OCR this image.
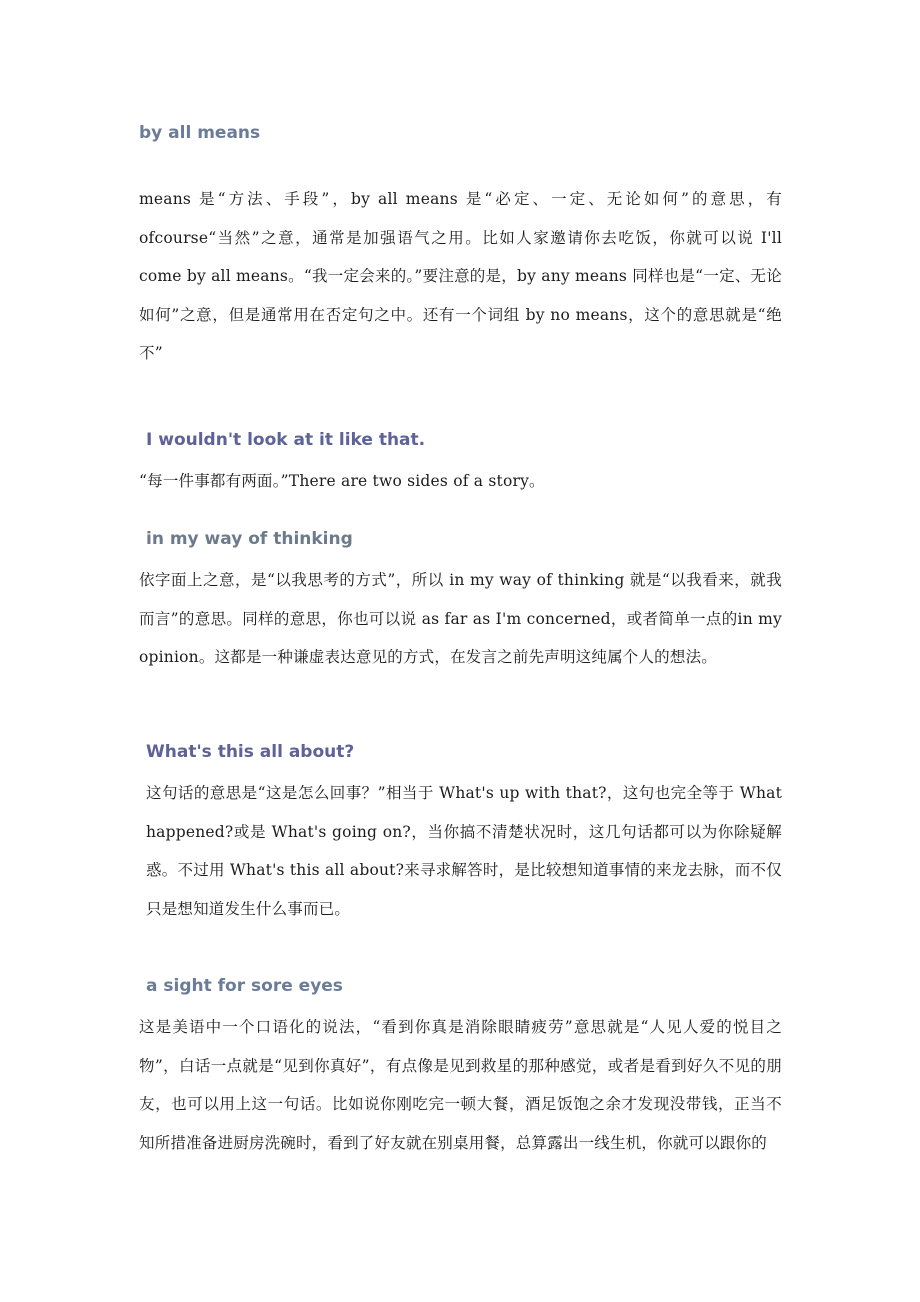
by all means

means 是“方法、手段”，by all means 是“必定、一定、无论如何”的意思，有ofcourse“当然”之意，通常是加强语气之用。比如人家邀请你去吃饭，你就可以说 I'll come by all means。“我一定会来的。”要注意的是，by any means 同样也是“一定、无论如何”之意，但是通常用在否定句之中。还有一个词组 by no means，这个的意思就是“绝不”

I wouldn't look at it like that.

“每一件事都有两面。”There are two sides of a story。

in my way of thinking

依字面上之意，是“以我思考的方式”，所以 in my way of thinking 就是“以我看来，就我而言”的意思。同样的意思，你也可以说 as far as I'm concerned，或者简单一点的in my opinion。这都是一种谦虚表达意见的方式，在发言之前先声明这纯属个人的想法。

What's this all about?

这句话的意思是“这是怎么回事？”相当于 What's up with that?，这句也完全等于 What happened?或是 What's going on?，当你搞不清楚状况时，这几句话都可以为你除疑解惑。不过用 What's this all about?来寻求解答时，是比较想知道事情的来龙去脉，而不仅只是想知道发生什么事而已。

a sight for sore eyes

这是美语中一个口语化的说法，“看到你真是消除眼睛疲劳”意思就是“人见人爱的悦目之物”，白话一点就是“见到你真好”，有点像是见到救星的那种感觉，或者是看到好久不见的朋友，也可以用上这一句话。比如说你刚吃完一顿大餐，酒足饭饱之余才发现没带钱，正当不知所措准备进厨房洗碗时，看到了好友就在别桌用餐，总算露出一线生机，你就可以跟你的
